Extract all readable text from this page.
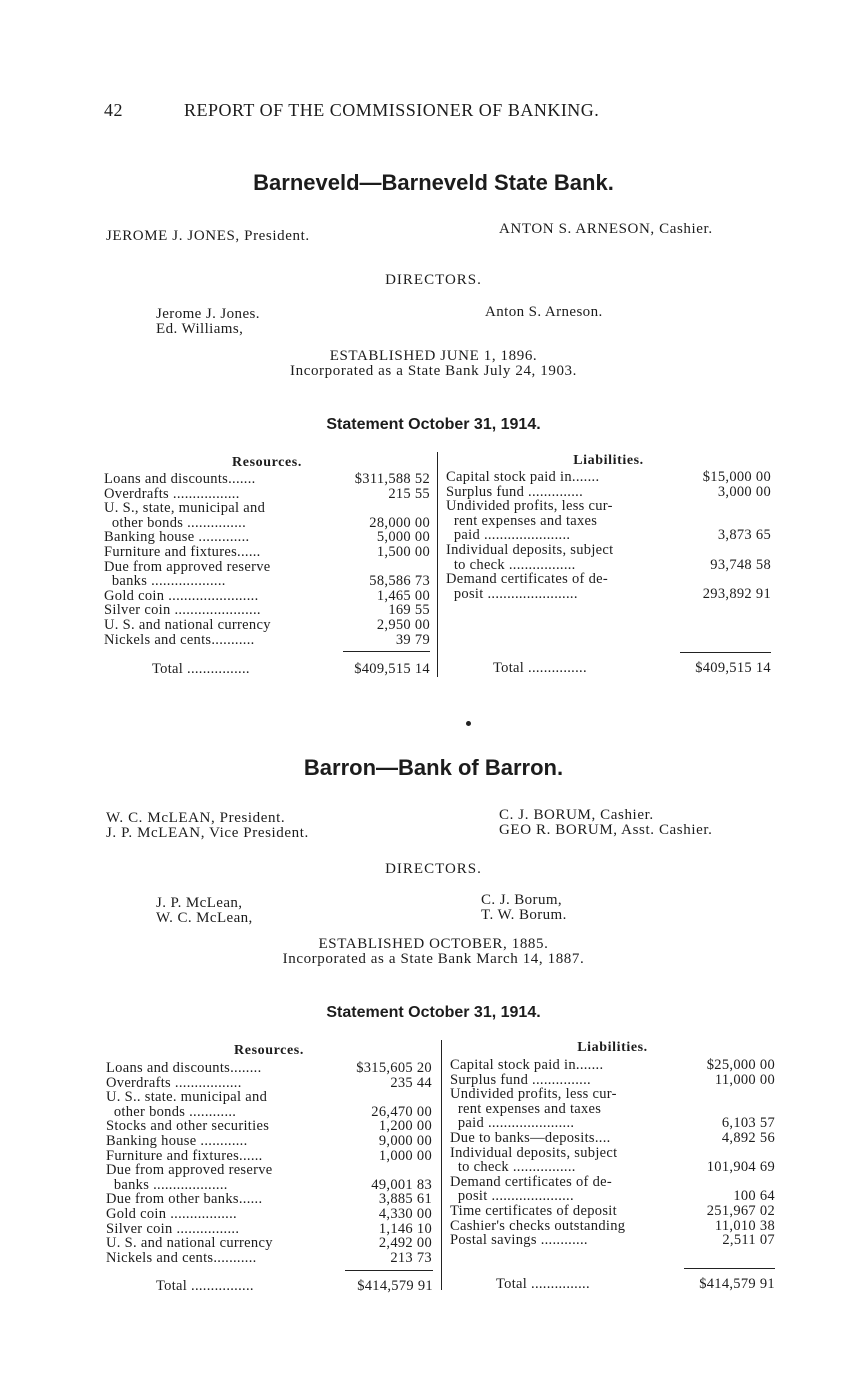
42	REPORT OF THE COMMISSIONER OF BANKING.
Barneveld—Barneveld State Bank.
JEROME J. JONES, President.	ANTON S. ARNESON, Cashier.
DIRECTORS.
Jerome J. Jones.
Ed. Williams,
Anton S. Arneson.
ESTABLISHED JUNE 1, 1896.
Incorporated as a State Bank July 24, 1903.
Statement October 31, 1914.
Resources.	Liabilities.
Loans and discounts.......	$311,588 52
Overdrafts .................	215 55
U. S., state, municipal and
other bonds ...............	28,000 00
Banking house .............	5,000 00
Furniture and fixtures......	1,500 00
Due from approved reserve
banks ...................	58,586 73
Gold coin .......................	1,465 00
Silver coin ......................	169 55
U. S. and national currency	2,950 00
Nickels and cents...........	39 79
Capital stock paid in.......	$15,000 00
Surplus fund ..............	3,000 00
Undivided profits, less cur-
rent expenses and taxes
paid ......................	3,873 65
Individual deposits, subject
to check .................	93,748 58
Demand certificates of de-
posit .......................	293,892 91
Total ................	$409,515 14	Total ...............	$409,515 14
Barron—Bank of Barron.
W. C. McLEAN, President.
J. P. McLEAN, Vice President.
C. J. BORUM, Cashier.
GEO R. BORUM, Asst. Cashier.
DIRECTORS.
J. P. McLean,
W. C. McLean,
C. J. Borum,
T. W. Borum.
ESTABLISHED OCTOBER, 1885.
Incorporated as a State Bank March 14, 1887.
Statement October 31, 1914.
Resources.	Liabilities.
Loans and discounts........	$315,605 20
Overdrafts .................	235 44
U. S.. state. municipal and
other bonds ............	26,470 00
Stocks and other securities	1,200 00
Banking house ............	9,000 00
Furniture and fixtures......	1,000 00
Due from approved reserve
banks ...................	49,001 83
Due from other banks......	3,885 61
Gold coin .................	4,330 00
Silver coin ................	1,146 10
U. S. and national currency	2,492 00
Nickels and cents...........	213 73
Capital stock paid in.......	$25,000 00
Surplus fund ...............	11,000 00
Undivided profits, less cur-
rent expenses and taxes
paid ......................	6,103 57
Due to banks—deposits....	4,892 56
Individual deposits, subject
to check ................	101,904 69
Demand certificates of de-
posit .....................	100 64
Time certificates of deposit	251,967 02
Cashier's checks outstanding	11,010 38
Postal savings ............	2,511 07
Total ................	$414,579 91	Total ...............	$414,579 91
